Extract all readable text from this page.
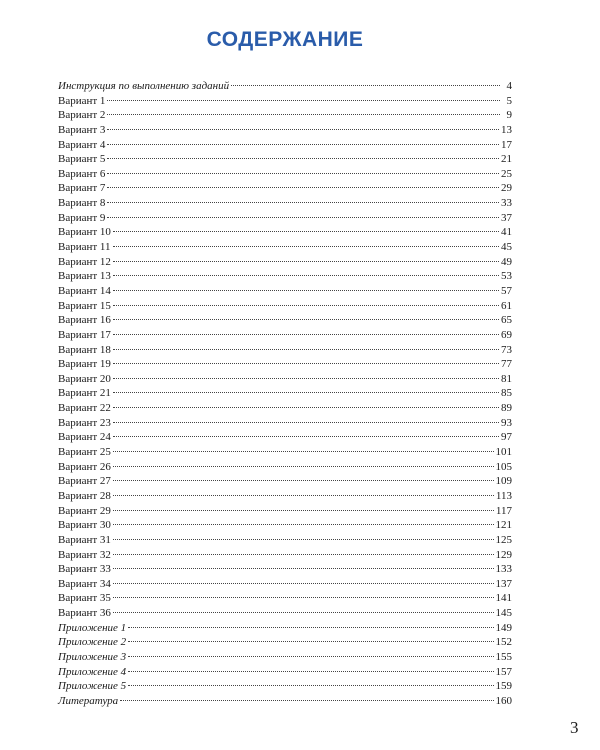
СОДЕРЖАНИЕ
Инструкция по выполнению заданий	4
Вариант 1	5
Вариант 2	9
Вариант 3	13
Вариант 4	17
Вариант 5	21
Вариант 6	25
Вариант 7	29
Вариант 8	33
Вариант 9	37
Вариант 10	41
Вариант 11	45
Вариант 12	49
Вариант 13	53
Вариант 14	57
Вариант 15	61
Вариант 16	65
Вариант 17	69
Вариант 18	73
Вариант 19	77
Вариант 20	81
Вариант 21	85
Вариант 22	89
Вариант 23	93
Вариант 24	97
Вариант 25	101
Вариант 26	105
Вариант 27	109
Вариант 28	113
Вариант 29	117
Вариант 30	121
Вариант 31	125
Вариант 32	129
Вариант 33	133
Вариант 34	137
Вариант 35	141
Вариант 36	145
Приложение 1	149
Приложение 2	152
Приложение 3	155
Приложение 4	157
Приложение 5	159
Литература	160
3
